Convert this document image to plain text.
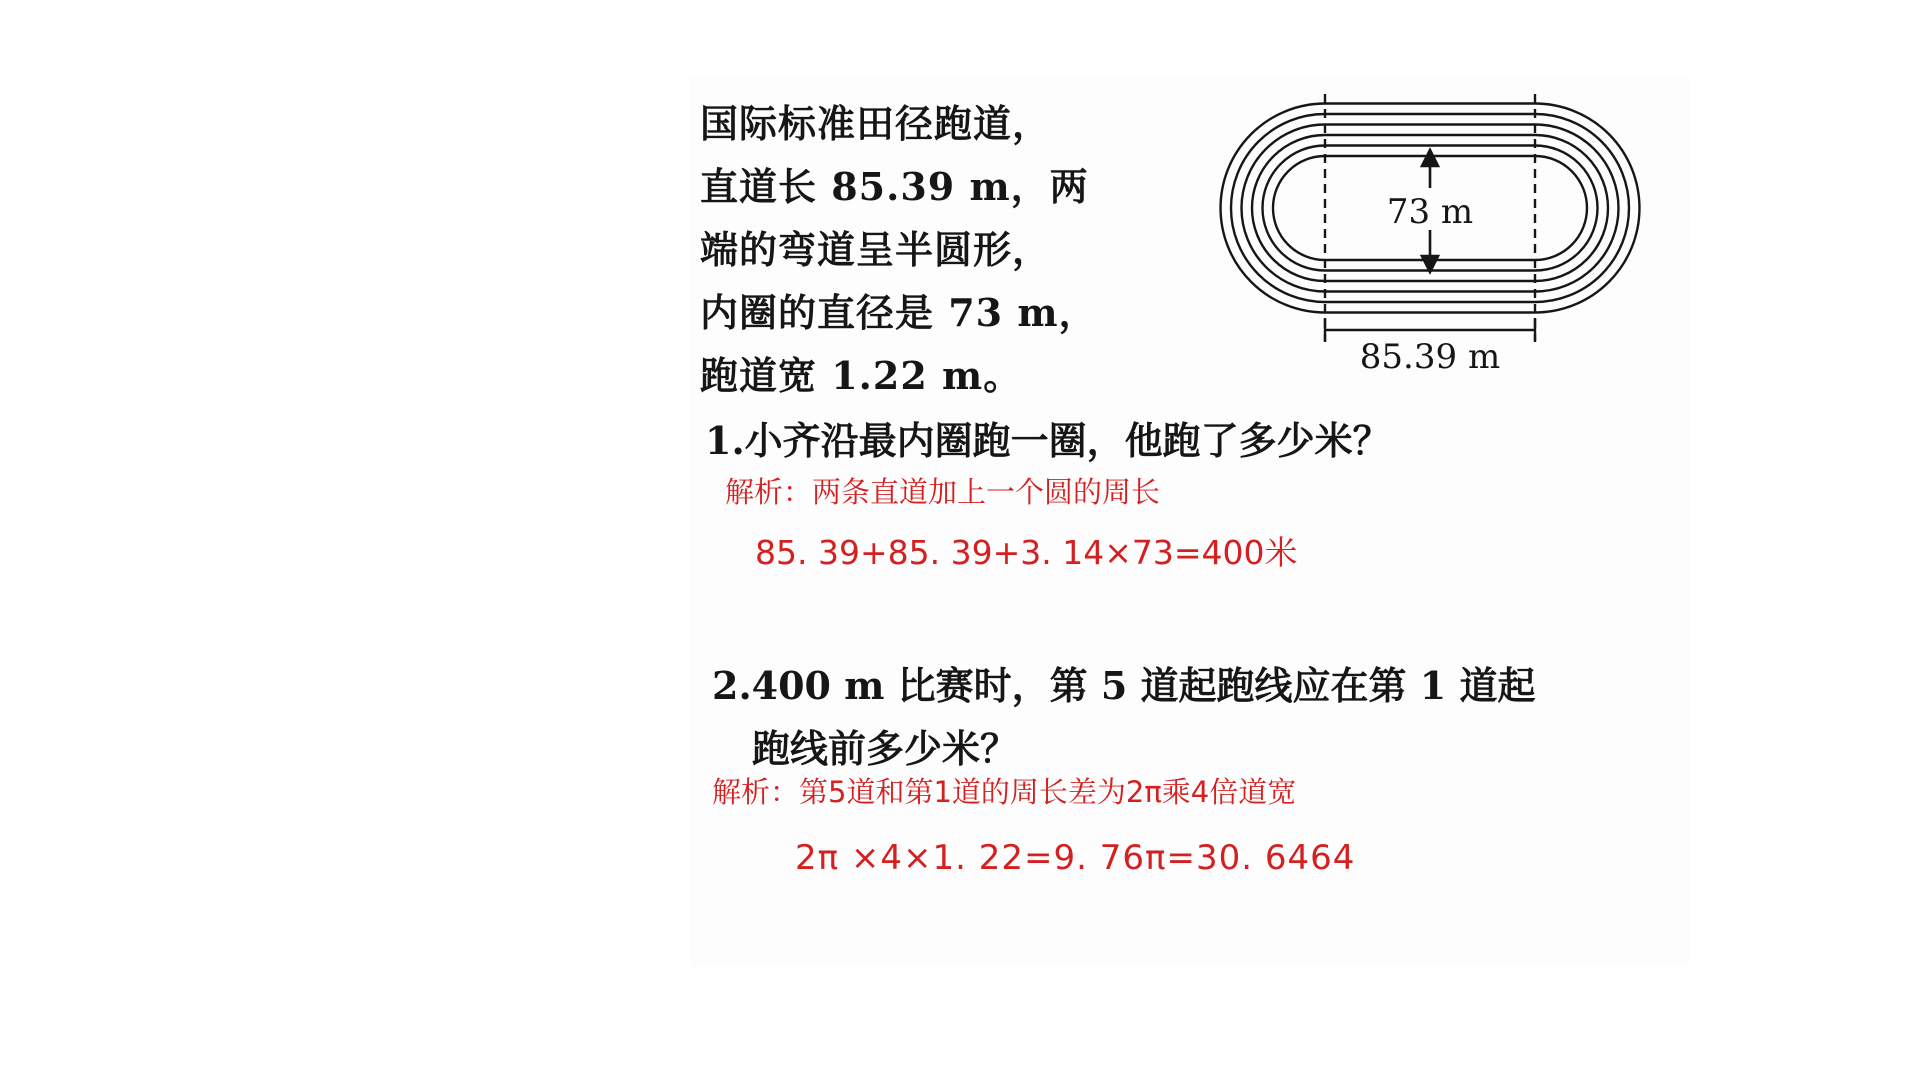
国际标准田径跑道，
直道长 85.39 m，两
端的弯道呈半圆形，
内圈的直径是 73 m，
跑道宽 1.22 m。
73 m
85.39 m
1.小齐沿最内圈跑一圈，他跑了多少米？
解析：两条直道加上一个圆的周长
85. 39+85. 39+3. 14×73=400米
2.400 m 比赛时，第 5 道起跑线应在第 1 道起
跑线前多少米？
解析：第5道和第1道的周长差为2π乘4倍道宽
2π ×4×1. 22=9. 76π=30. 6464
